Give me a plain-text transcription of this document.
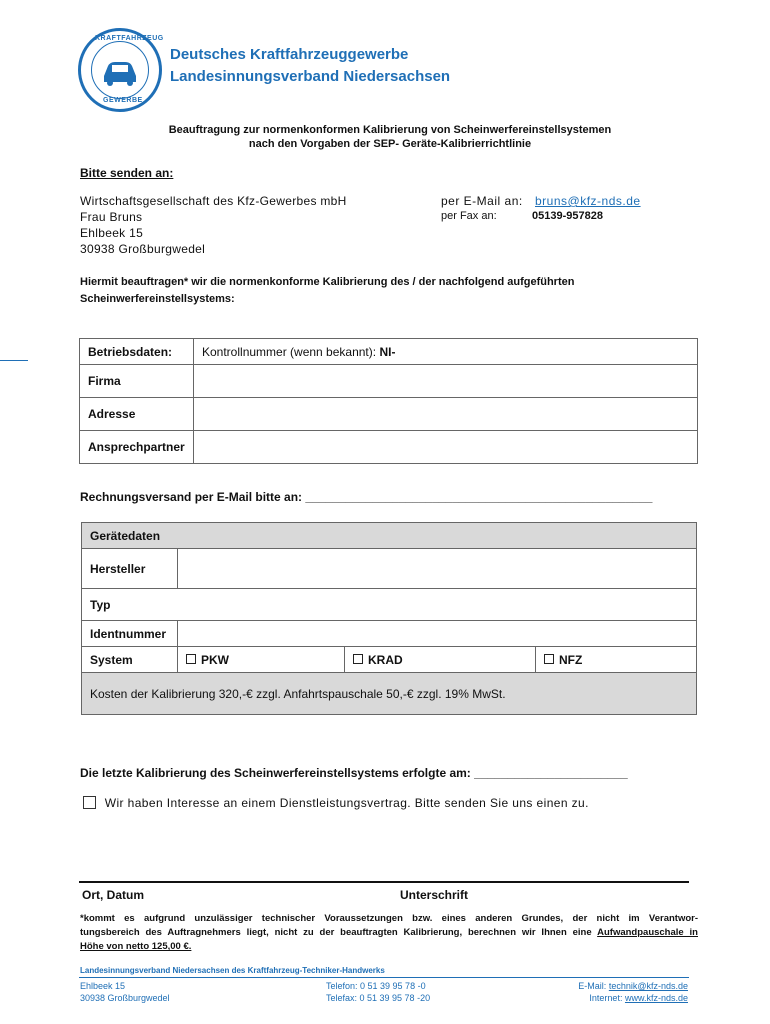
KRAFTFAHRZEUG
GEWERBE
Deutsches Kraftfahrzeuggewerbe
Landesinnungsverband Niedersachsen
Beauftragung zur normenkonformen Kalibrierung von Scheinwerfereinstellsystemen
nach den Vorgaben der SEP- Geräte-Kalibrierrichtlinie
Bitte senden an:
Wirtschaftsgesellschaft des Kfz-Gewerbes mbH
Frau Bruns
Ehlbeek 15
30938 Großburgwedel
per E-Mail an: bruns@kfz-nds.de
per Fax an:	05139-957828
Hiermit beauftragen* wir die normenkonforme Kalibrierung des / der nachfolgend aufgeführten
Scheinwerfereinstellsystems:
Betriebsdaten:	Kontrollnummer (wenn bekannt): NI-
Firma	
Adresse	
Ansprechpartner	
Rechnungsversand per E-Mail bitte an: ____________________________________________________
Gerätedaten			
Hersteller			
Typ			
Identnummer			
System	PKW	KRAD	NFZ
Kosten der Kalibrierung 320,-€ zzgl. Anfahrtspauschale 50,-€ zzgl. 19% MwSt.			
Die letzte Kalibrierung des Scheinwerfereinstellsystems erfolgte am: _______________________
Wir haben Interesse an einem Dienstleistungsvertrag. Bitte senden Sie uns einen zu.
Ort, Datum	Unterschrift
*kommt es aufgrund unzulässiger technischer Voraussetzungen bzw. eines anderen Grundes, der nicht im Verantwor-
tungsbereich des Auftragnehmers liegt, nicht zu der beauftragten Kalibrierung, berechnen wir Ihnen eine Aufwandpauschale in
Höhe von netto 125,00 €.
Landesinnungsverband Niedersachsen des Kraftfahrzeug-Techniker-Handwerks
Ehlbeek 15
30938 Großburgwedel
Telefon: 0 51 39 95 78 -0
Telefax: 0 51 39 95 78 -20
E-Mail: technik@kfz-nds.de
Internet: www.kfz-nds.de
